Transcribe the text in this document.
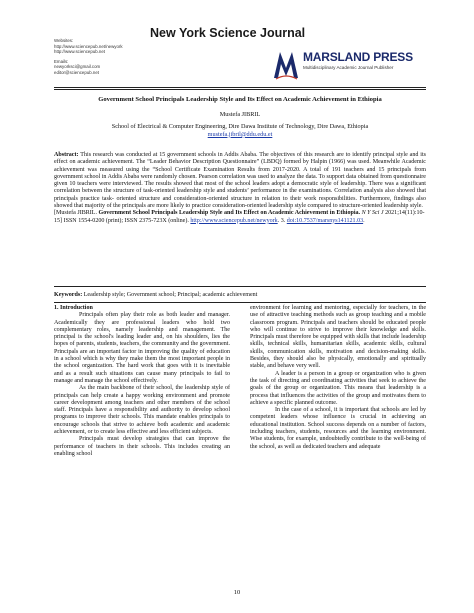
New York Science Journal
Websites:
http://www.sciencepub.net/newyork
http://www.sciencepub.net
Emails:
newyorksci@gmail.com
editor@sciencepub.net
MARSLAND PRESS
Multidisciplinary Academic Journal Publisher
Government School Principals Leadership Style and Its Effect on Academic Achievement in Ethiopia
Mustefa JIBRIL
School of Electrical & Computer Engineering, Dire Dawa Institute of Technology, Dire Dawa, Ethiopia
mustefa.jibril@ddu.edu.et
Abstract: This research was conducted at 15 government schools in Addis Ababa. The objectives of this research are to identify principal style and its effect on academic achievement. The “Leader Behavior Description Questionnaire” (LBDQ) formed by Halpin (1966) was used. Meanwhile Academic achievement was measured using the “School Certificate Examination Results from 2017-2020. A total of 191 teachers and 15 principals from government school in Addis Ababa were randomly chosen. Pearson correlation was used to analyze the data. To support data obtained from questionnaire given 10 teachers were interviewed. The results showed that most of the school leaders adopt a democratic style of leadership. There was a significant correlation between the structure of task-oriented leadership style and students’ performance in the examinations. Correlation analysis also showed that principals practice task- oriented structure and consideration-oriented structure in relation to their work responsibilities. Furthermore, findings also showed that majority of the principals are more likely to practice consideration-oriented leadership style compared to structure-oriented leadership style.
[Mustefa JIBRIL. Government School Principals Leadership Style and Its Effect on Academic Achievement in Ethiopia. N Y Sci J 2021;14(11):10-15] ISSN 1554-0200 (print); ISSN 2375-723X (online). http://www.sciencepub.net/newyork. 3. doi:10.7537/marsnys141121.03.
Keywords: Leadership style; Government school; Principal; academic achievement
1. Introduction

Principals often play their role as both leader and manager. Academically they are professional leaders who hold two complementary roles, namely leadership and management. The principal is the school's leading leader and, on his shoulders, lies the hopes of parents, students, teachers, the community and the government. Principals are an important factor in improving the quality of education in a school which is why they make them the most important people in the school organization. The hard work that goes with it is inevitable and as a result such situations can cause many principals to fail to manage and manage the school effectively.

As the main backbone of their school, the leadership style of principals can help create a happy working environment and promote career development among teachers and other members of the school staff. Principals have a responsibility and authority to develop school programs to improve their schools. This mandate enables principals to encourage schools that strive to achieve both academic and academic achievement, or to create less effective and less efficient subjects.

Principals must develop strategies that can improve the performance of teachers in their schools. This includes creating an enabling school

environment for learning and mentoring, especially for teachers, in the use of attractive teaching methods such as group teaching and a mobile classroom program. Principals and teachers should be educated people who will continue to strive to improve their knowledge and skills. Principals must therefore be equipped with skills that include leadership skills, technical skills, humanitarian skills, academic skills, cultural skills, communication skills, motivation and decision-making skills. Besides, they should also be physically, emotionally and spiritually stable, and behave very well.

A leader is a person in a group or organization who is given the task of directing and coordinating activities that seek to achieve the goals of the group or organization. This means that leadership is a process that influences the activities of the group and motivates them to achieve a specific planned outcome.

In the case of a school, it is important that schools are led by competent leaders whose influence is crucial in achieving an educational institution. School success depends on a number of factors, including teachers, students, resources and the learning environment. Wise students, for example, undoubtedly contribute to the well-being of the school, as well as dedicated teachers and adequate

10
